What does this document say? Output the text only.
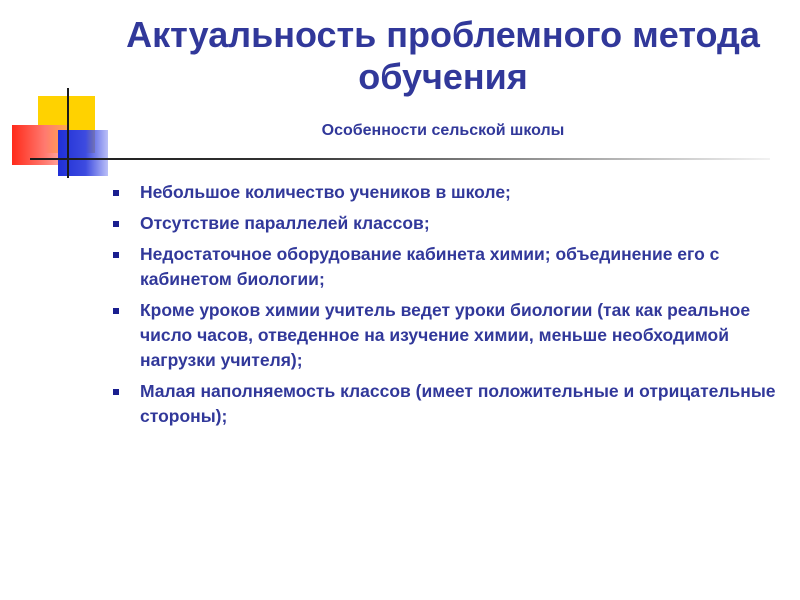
Актуальность проблемного метода обучения

Особенности сельской школы

Небольшое количество учеников в школе;
Отсутствие параллелей классов;
Недостаточное оборудование кабинета химии; объединение его с кабинетом биологии;
Кроме уроков химии учитель ведет уроки биологии (так как реальное число часов, отведенное на изучение химии, меньше необходимой нагрузки учителя);
Малая наполняемость классов (имеет положительные и отрицательные стороны);
